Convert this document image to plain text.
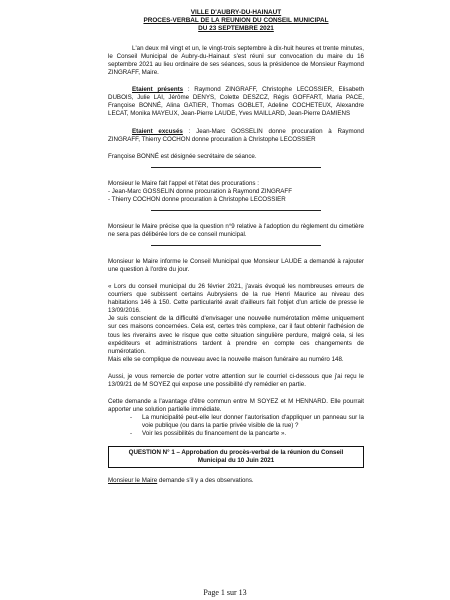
VILLE D'AUBRY-DU-HAINAUT
PROCES-VERBAL DE LA REUNION DU CONSEIL MUNICIPAL
DU 23 SEPTEMBRE 2021

L'an deux mil vingt et un, le vingt-trois septembre à dix-huit heures et trente minutes, le Conseil Municipal de Aubry-du-Hainaut s'est réuni sur convocation du maire du 16 septembre 2021 au lieu ordinaire de ses séances, sous la présidence de Monsieur Raymond ZINGRAFF, Maire.

Etaient présents : Raymond ZINGRAFF, Christophe LECOSSIER, Elisabeth DUBOIS, Julie LAI, Jérôme DENYS, Colette DESZCZ, Régis GOFFART, Maria PACE, Françoise BONNÉ, Alina GATIER, Thomas GOBLET, Adeline COCHETEUX, Alexandre LECAT, Monika MAYEUX, Jean-Pierre LAUDE, Yves MAILLARD, Jean-Pierre DAMIENS

Etaient excusés : Jean-Marc GOSSELIN donne procuration à Raymond ZINGRAFF, Thierry COCHON donne procuration à Christophe LECOSSIER

Françoise BONNÉ est désignée secrétaire de séance.

Monsieur le Maire fait l'appel et l'état des procurations :

- Jean-Marc GOSSELIN donne procuration à Raymond ZINGRAFF

- Thierry COCHON donne procuration à Christophe LECOSSIER

Monsieur le Maire précise que la question n°9 relative à l'adoption du règlement du cimetière ne sera pas délibérée lors de ce conseil municipal.

Monsieur le Maire informe le Conseil Municipal que Monsieur LAUDE a demandé à rajouter une question à l'ordre du jour.

« Lors du conseil municipal du 26 février 2021, j'avais évoqué les nombreuses erreurs de courriers que subissent certains Aubrysiens de la rue Henri Maurice au niveau des habitations 146 à 150. Cette particularité avait d'ailleurs fait l'objet d'un article de presse le 13/09/2016.

Je suis conscient de la difficulté d'envisager une nouvelle numérotation même uniquement sur ces maisons concernées. Cela est, certes très complexe, car il faut obtenir l'adhésion de tous les riverains avec le risque que cette situation singulière perdure, malgré cela, si les expéditeurs et administrations tardent à prendre en compte ces changements de numérotation.

Mais elle se complique de nouveau avec la nouvelle maison funéraire au numéro 148.

Aussi, je vous remercie de porter votre attention sur le courriel ci-dessous que j'ai reçu le 13/09/21 de M SOYEZ qui expose une possibilité d'y remédier en partie.

Cette demande a l'avantage d'être commun entre M SOYEZ et M HENNARD. Elle pourrait apporter une solution partielle immédiate.

- La municipalité peut-elle leur donner l'autorisation d'appliquer un panneau sur la voie publique (ou dans la partie privée visible de la rue) ?
- Voir les possibilités du financement de la pancarte ».
QUESTION N° 1 – Approbation du procès-verbal de la réunion du Conseil Municipal du 10 Juin 2021

Monsieur le Maire demande s'il y a des observations.

Page 1 sur 13
